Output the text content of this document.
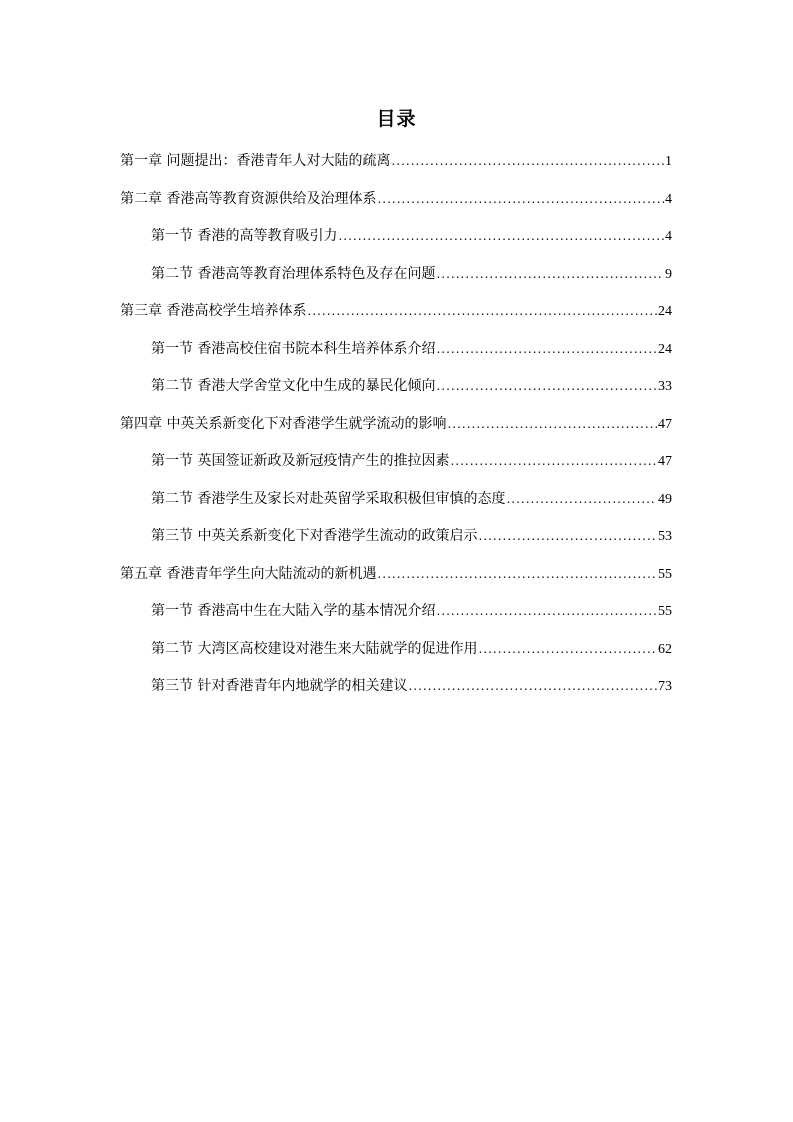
目录
第一章 问题提出：香港青年人对大陆的疏离 .....	1
第二章 香港高等教育资源供给及治理体系 .....	4
第一节 香港的高等教育吸引力 .....	4
第二节 香港高等教育治理体系特色及存在问题 .....	9
第三章 香港高校学生培养体系 .....	24
第一节 香港高校住宿书院本科生培养体系介绍 .....	24
第二节 香港大学舍堂文化中生成的暴民化倾向 .....	33
第四章 中英关系新变化下对香港学生就学流动的影响 .....	47
第一节 英国签证新政及新冠疫情产生的推拉因素 .....	47
第二节 香港学生及家长对赴英留学采取积极但审慎的态度 .....	49
第三节 中英关系新变化下对香港学生流动的政策启示 .....	53
第五章 香港青年学生向大陆流动的新机遇 .....	55
第一节 香港高中生在大陆入学的基本情况介绍 .....	55
第二节 大湾区高校建设对港生来大陆就学的促进作用 .....	62
第三节 针对香港青年内地就学的相关建议 .....	73
